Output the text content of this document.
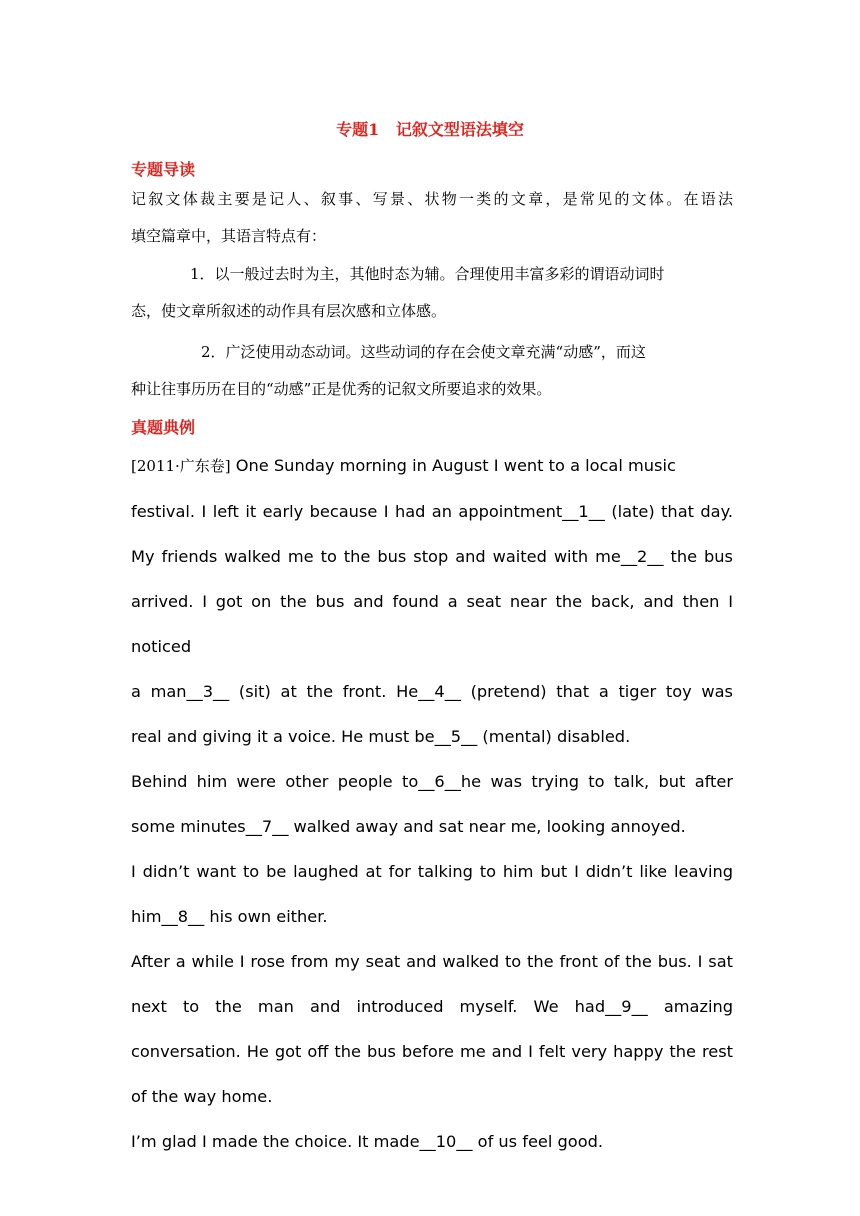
专题1   记叙文型语法填空
专题导读
记叙文体裁主要是记人、叙事、写景、状物一类的文章，是常见的文体。在语法
填空篇章中，其语言特点有：
1．以一般过去时为主，其他时态为辅。合理使用丰富多彩的谓语动词时
态，使文章所叙述的动作具有层次感和立体感。
2．广泛使用动态动词。这些动词的存在会使文章充满“动感”，而这
种让往事历历在目的“动感”正是优秀的记叙文所要追求的效果。
真题典例
[2011·广东卷] One Sunday morning in August I went to a local music
festival. I left it early because I had an appointment__1__ (late) that day.
My friends walked me to the bus stop and waited with me__2__ the bus
arrived. I got on the bus and found a seat near the back, and then I noticed
a man__3__ (sit) at the front. He__4__ (pretend) that a tiger toy was
real and giving it a voice. He must be__5__ (mental) disabled.
Behind him were other people to__6__he was trying to talk, but after
some minutes__7__ walked away and sat near me, looking annoyed.
I didn’t want to be laughed at for talking to him but I didn’t like leaving
him__8__ his own either.
After a while I rose from my seat and walked to the front of the bus. I sat
next to the man and introduced myself. We had__9__ amazing
conversation. He got off the bus before me and I felt very happy the rest
of the way home.
I’m glad I made the choice. It made__10__ of us feel good.
